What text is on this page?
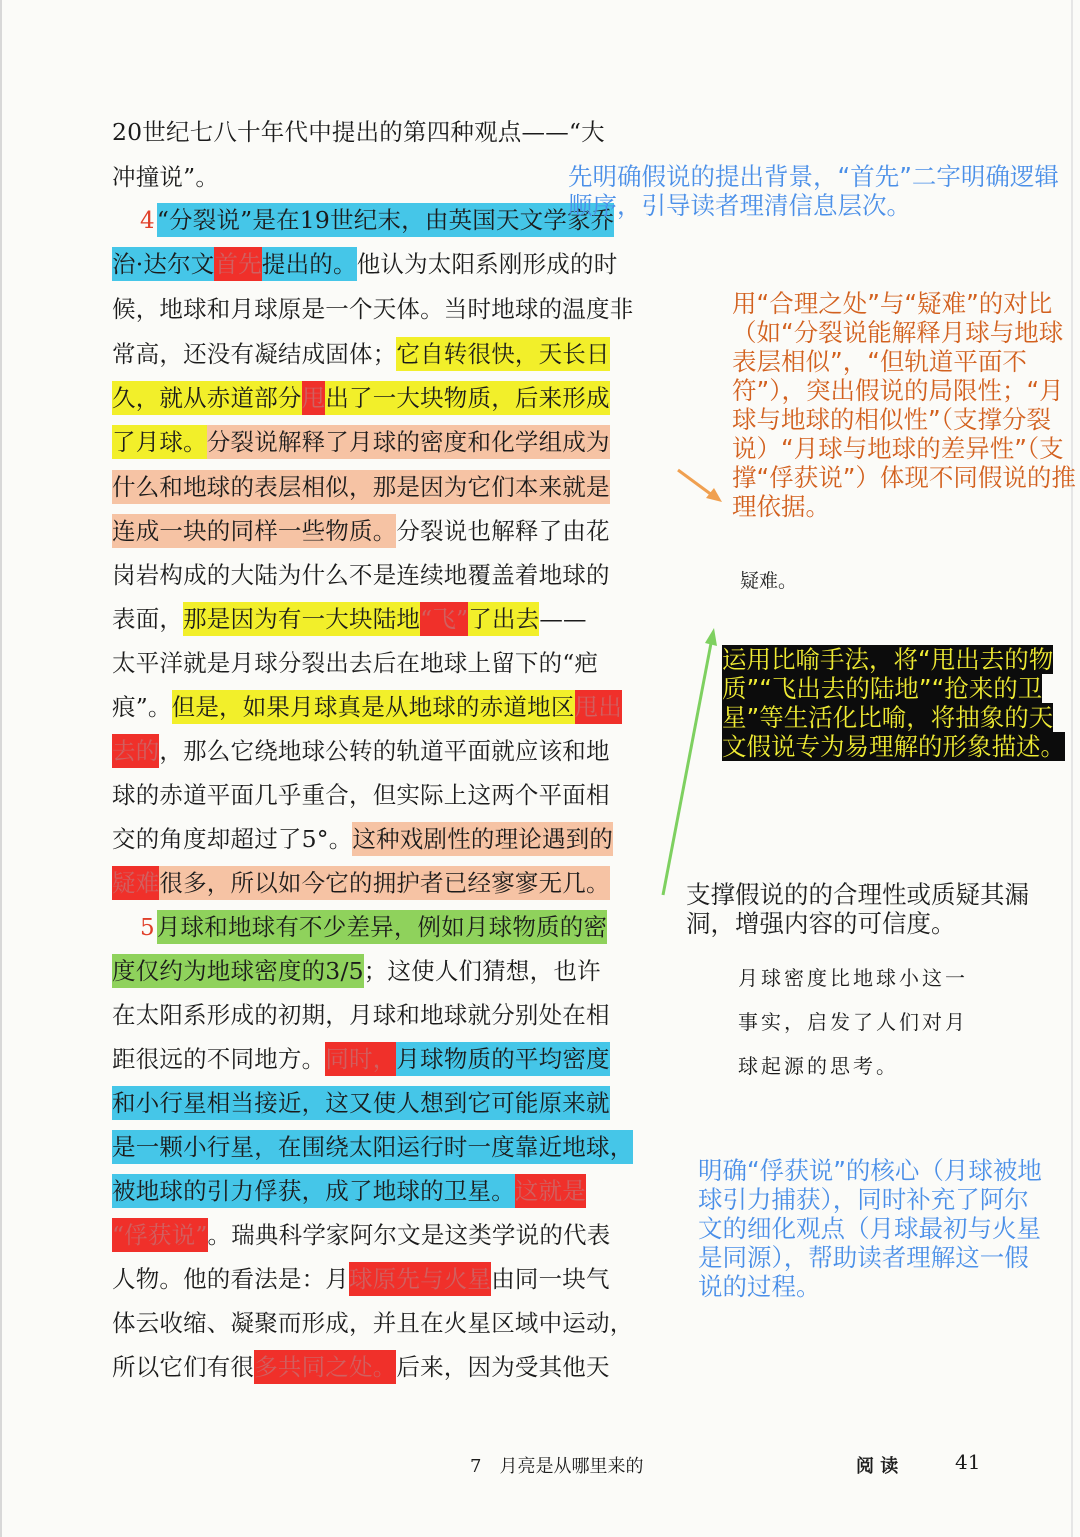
20世纪七八十年代中提出的第四种观点——“大
冲撞说”。
4“分裂说”是在19世纪末，由英国天文学家乔
治·达尔文首先提出的。他认为太阳系刚形成的时
候，地球和月球原是一个天体。当时地球的温度非
常高，还没有凝结成固体；它自转很快，天长日
久，就从赤道部分甩出了一大块物质，后来形成
了月球。分裂说解释了月球的密度和化学组成为
什么和地球的表层相似，那是因为它们本来就是
连成一块的同样一些物质。分裂说也解释了由花
岗岩构成的大陆为什么不是连续地覆盖着地球的
表面，那是因为有一大块陆地“飞”了出去——
太平洋就是月球分裂出去后在地球上留下的“疤
痕”。但是，如果月球真是从地球的赤道地区甩出
去的，那么它绕地球公转的轨道平面就应该和地
球的赤道平面几乎重合，但实际上这两个平面相
交的角度却超过了5°。这种戏剧性的理论遇到的
疑难很多，所以如今它的拥护者已经寥寥无几。
5月球和地球有不少差异，例如月球物质的密
度仅约为地球密度的3/5；这使人们猜想，也许
在太阳系形成的初期，月球和地球就分别处在相
距很远的不同地方。同时，月球物质的平均密度
和小行星相当接近，这又使人想到它可能原来就
是一颗小行星，在围绕太阳运行时一度靠近地球，
被地球的引力俘获，成了地球的卫星。这就是
“俘获说”。瑞典科学家阿尔文是这类学说的代表
人物。他的看法是：月球原先与火星由同一块气
体云收缩、凝聚而形成，并且在火星区域中运动，
所以它们有很多共同之处。后来，因为受其他天
先明确假说的提出背景，“首先”二字明确逻辑顺序，引导读者理清信息层次。
用“合理之处”与“疑难”的对比（如“分裂说能解释月球与地球表层相似”，“但轨道平面不符”），突出假说的局限性；“月球与地球的相似性”（支撑分裂说）“月球与地球的差异性”（支撑“俘获说”）体现不同假说的推理依据。
疑难。
运用比喻手法，将“甩出去的物质”“飞出去的陆地”“抢来的卫星”等生活化比喻，将抽象的天文假说专为易理解的形象描述。
支撑假说的的合理性或质疑其漏洞，增强内容的可信度。
月球密度比地球小这一事实，启发了人们对月球起源的思考。
明确“俘获说”的核心（月球被地球引力捕获），同时补充了阿尔文的细化观点（月球最初与火星是同源），帮助读者理解这一假说的过程。
7　月亮是从哪里来的	阅 读	41
